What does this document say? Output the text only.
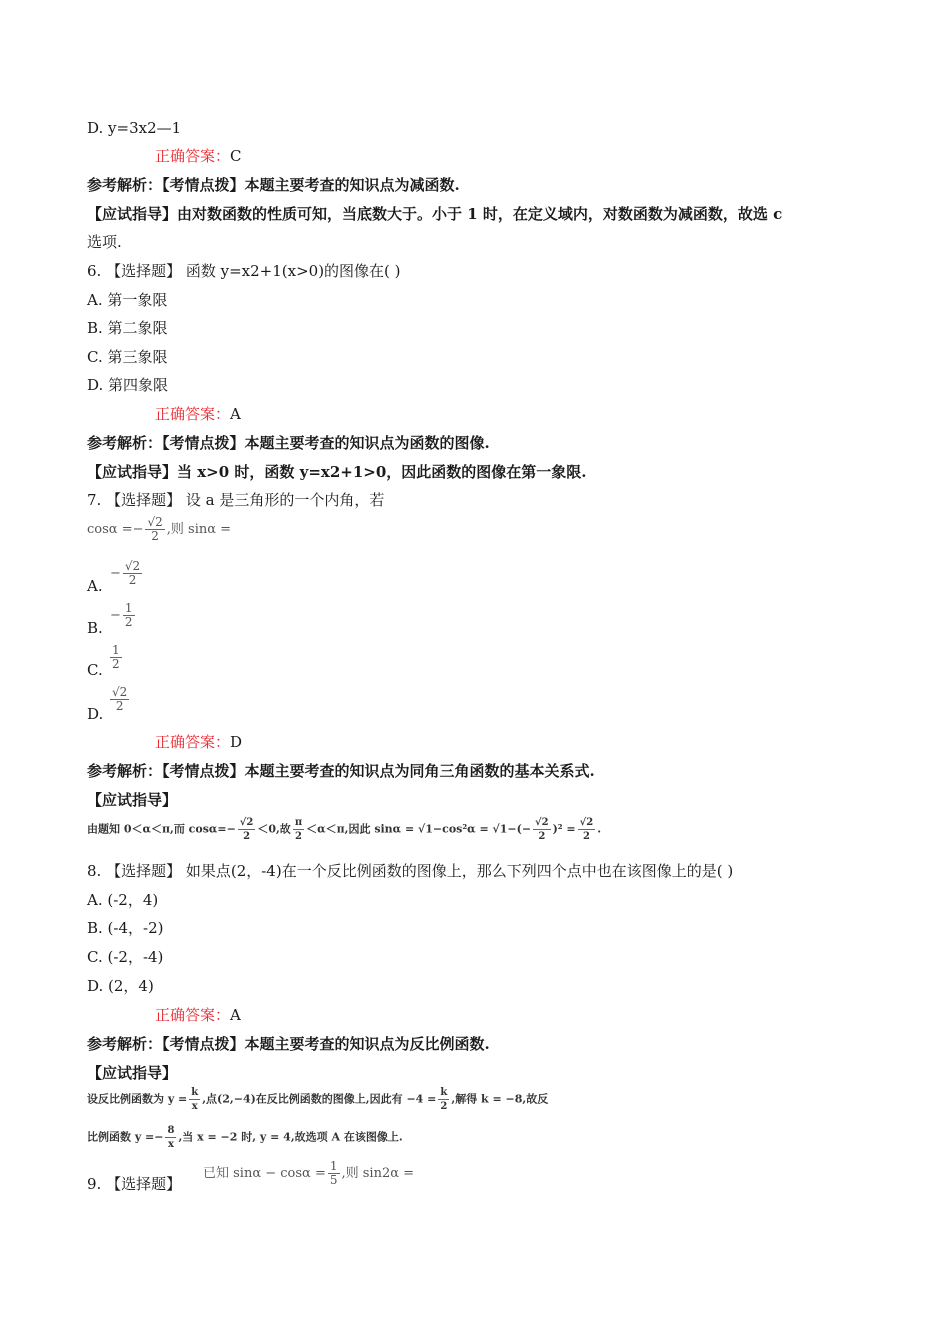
D. y=3x2—1
正确答案：C
参考解析：【考情点拨】本题主要考查的知识点为减函数.
【应试指导】由对数函数的性质可知，当底数大于。小于 1 时，在定义域内，对数函数为减函数，故选 c
选项.
6. 【选择题】 函数 y=x2+1(x>0)的图像在( )
A. 第一象限
B. 第二象限
C. 第三象限
D. 第四象限
正确答案：A
参考解析：【考情点拨】本题主要考查的知识点为函数的图像.
【应试指导】当 x>0 时，函数 y=x2+1>0，因此函数的图像在第一象限.
7. 【选择题】 设 a 是三角形的一个内角，若
$\cos\alpha =- \frac{√2}{2}$ ,则 sinα =
A.
− $\frac{√2}{2}$
B.
− $\frac{1}{2}$
C. $\frac{1}{2}$
D.
$\frac{√2}{2}$
正确答案：D
参考解析：【考情点拨】本题主要考查的知识点为同角三角函数的基本关系式.
【应试指导】
由题知 0＜α＜π,而 $\cos\alpha=- \frac{√2}{2} <0$,故 $\frac{\pi}{2} <\alpha<\pi$,因此 $\sin\alpha = √1-\cos^2\alpha = √1-(- \frac{√2}{2} )^2 = \frac{√2}{2}$ .
8. 【选择题】 如果点(2，-4)在一个反比例函数的图像上，那么下列四个点中也在该图像上的是( )
A. (-2，4)
B. (-4，-2)
C. (-2，-4)
D. (2，4)
正确答案：A
参考解析：【考情点拨】本题主要考查的知识点为反比例函数.
【应试指导】
设反比例函数为 $y = \frac{k}{x}$ ,点(2,−4)在反比例函数的图像上,因此有 $-4 = \frac{k}{2}$ ,解得 k = −8,故反
比例函数 $y =- \frac{8}{x}$ ,当 x = −2 时, y = 4,故选项 A 在该图像上.
9. 【选择题】
已知 $\sin\alpha - \cos\alpha = \frac{1}{5}$ ,则 sin2α =
